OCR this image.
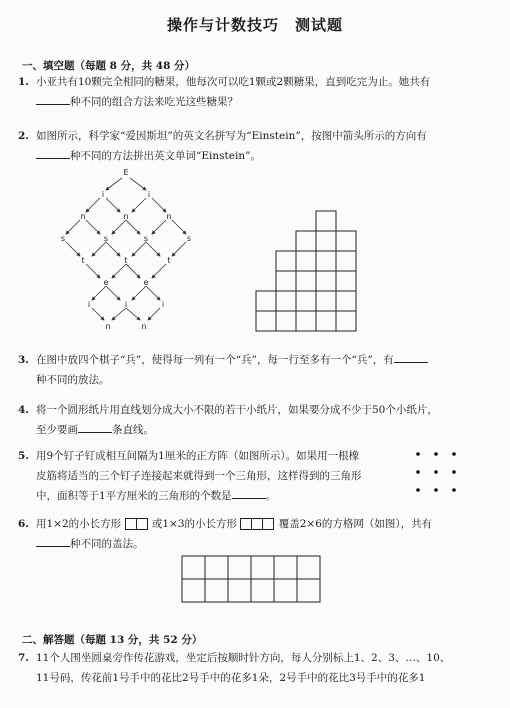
操作与计数技巧　测试题
一、填空题（每题 8 分，共 48 分）
1. 小亚共有10颗完全相同的糖果，他每次可以吃1颗或2颗糖果，直到吃完为止。她共有
种不同的组合方法来吃光这些糖果？
2. 如图所示，科学家“爱因斯坦”的英文名拼写为“Einstein”，按图中箭头所示的方向有
种不同的方法拼出英文单词“Einstein”。
E
i	i
n	n	n
s	s	s	s
t	t	t
e	e
i	i	i
n	n
3. 在图中放四个棋子“兵”，使得每一列有一个“兵”，每一行至多有一个“兵”，有
种不同的放法。
4. 将一个圆形纸片用直线划分成大小不限的若干小纸片，如果要分成不少于50个小纸片，
至少要画	条直线。
5. 用9个钉子钉成相互间隔为1厘米的正方阵（如图所示）。如果用一根橡
皮筋将适当的三个钉子连接起来就得到一个三角形，这样得到的三角形
中，面积等于1平方厘米的三角形的个数是	。
6. 用1×2的小长方形	或1×3的小长方形	覆盖2×6的方格网（如图），共有
种不同的盖法。
二、解答题（每题 13 分，共 52 分）
7. 11个人围坐圆桌旁作传花游戏，坐定后按顺时针方向，每人分别标上1、2、3、…、10、
11号码，传花前1号手中的花比2号手中的花多1朵，2号手中的花比3号手中的花多1
